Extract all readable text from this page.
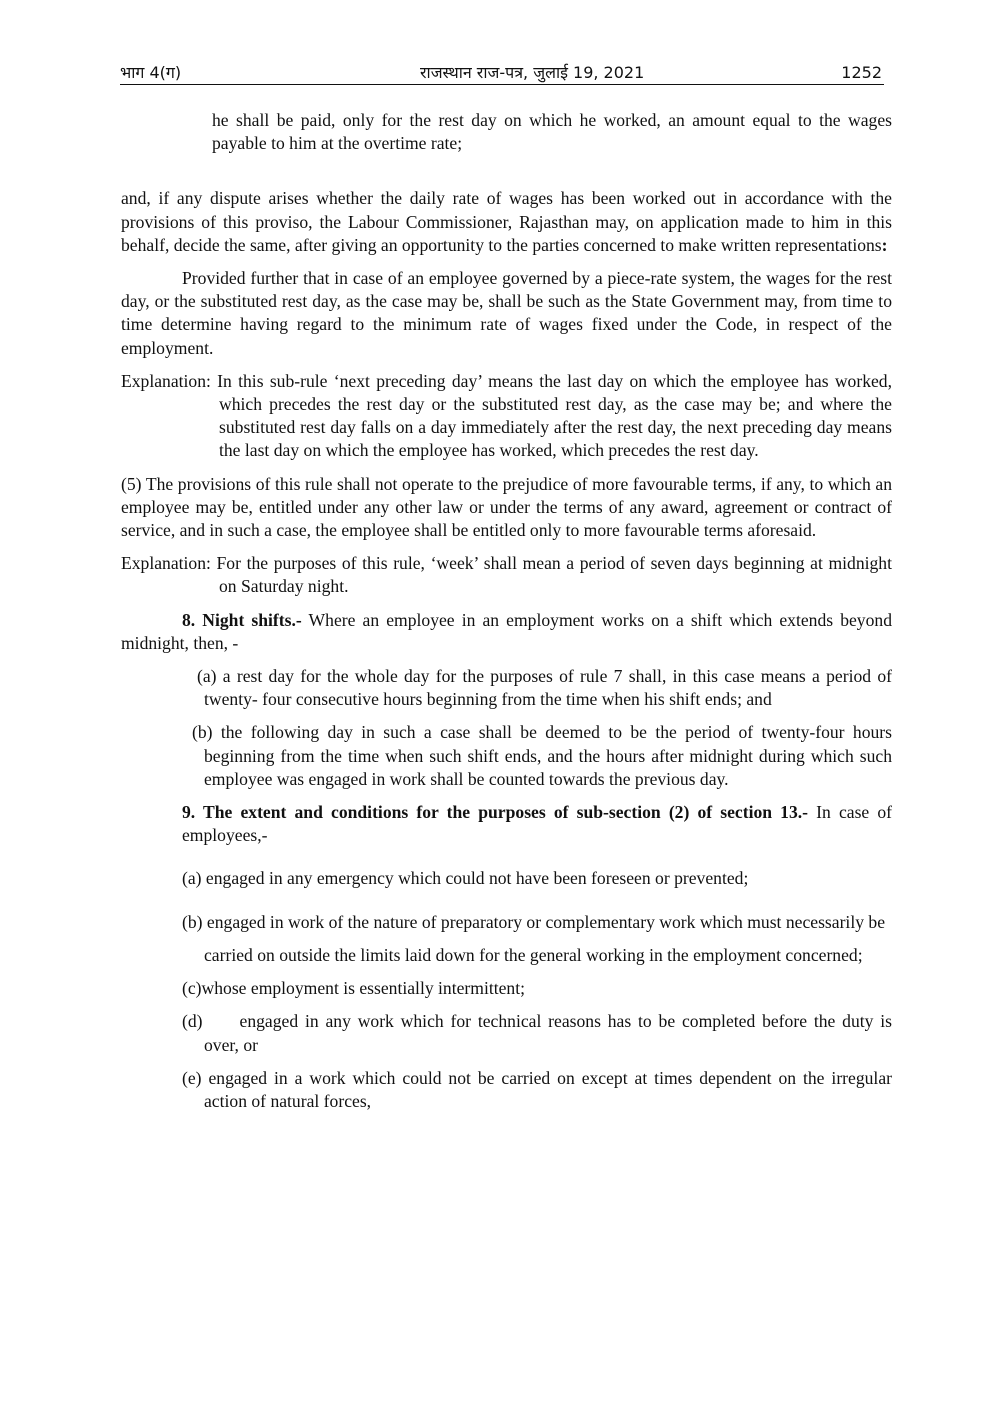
भाग 4(ग)	राजस्थान राज-पत्र, जुलाई 19, 2021	1252

he shall be paid, only for the rest day on which he worked, an amount equal to the wages payable to him at the overtime rate;

and, if any dispute arises whether the daily rate of wages has been worked out in accordance with the provisions of this proviso, the Labour Commissioner, Rajasthan may, on application made to him in this behalf, decide the same, after giving an opportunity to the parties concerned to make written representations:

Provided further that in case of an employee governed by a piece-rate system, the wages for the rest day, or the substituted rest day, as the case may be, shall be such as the State Government may, from time to time determine having regard to the minimum rate of wages fixed under the Code, in respect of the employment.

Explanation: In this sub-rule ‘next preceding day’ means the last day on which the employee has worked, which precedes the rest day or the substituted rest day, as the case may be; and where the substituted rest day falls on a day immediately after the rest day, the next preceding day means the last day on which the employee has worked, which precedes the rest day.

(5) The provisions of this rule shall not operate to the prejudice of more favourable terms, if any, to which an employee may be, entitled under any other law or under the terms of any award, agreement or contract of service, and in such a case, the employee shall be entitled only to more favourable terms aforesaid.

Explanation: For the purposes of this rule, ‘week’ shall mean a period of seven days beginning at midnight on Saturday night.

8. Night shifts.- Where an employee in an employment works on a shift which extends beyond midnight, then, -

(a) a rest day for the whole day for the purposes of rule 7 shall, in this case means a period of twenty- four consecutive hours beginning from the time when his shift ends; and

(b) the following day in such a case shall be deemed to be the period of twenty-four hours beginning from the time when such shift ends, and the hours after midnight during which such employee was engaged in work shall be counted towards the previous day.

9. The extent and conditions for the purposes of sub-section (2) of section 13.- In case of employees,-

(a) engaged in any emergency which could not have been foreseen or prevented;

(b) engaged in work of the nature of preparatory or complementary work which must necessarily be

carried on outside the limits laid down for the general working in the employment concerned;

(c)whose employment is essentially intermittent;

(d) engaged in any work which for technical reasons has to be completed before the duty is over, or

(e) engaged in a work which could not be carried on except at times dependent on the irregular action of natural forces,
